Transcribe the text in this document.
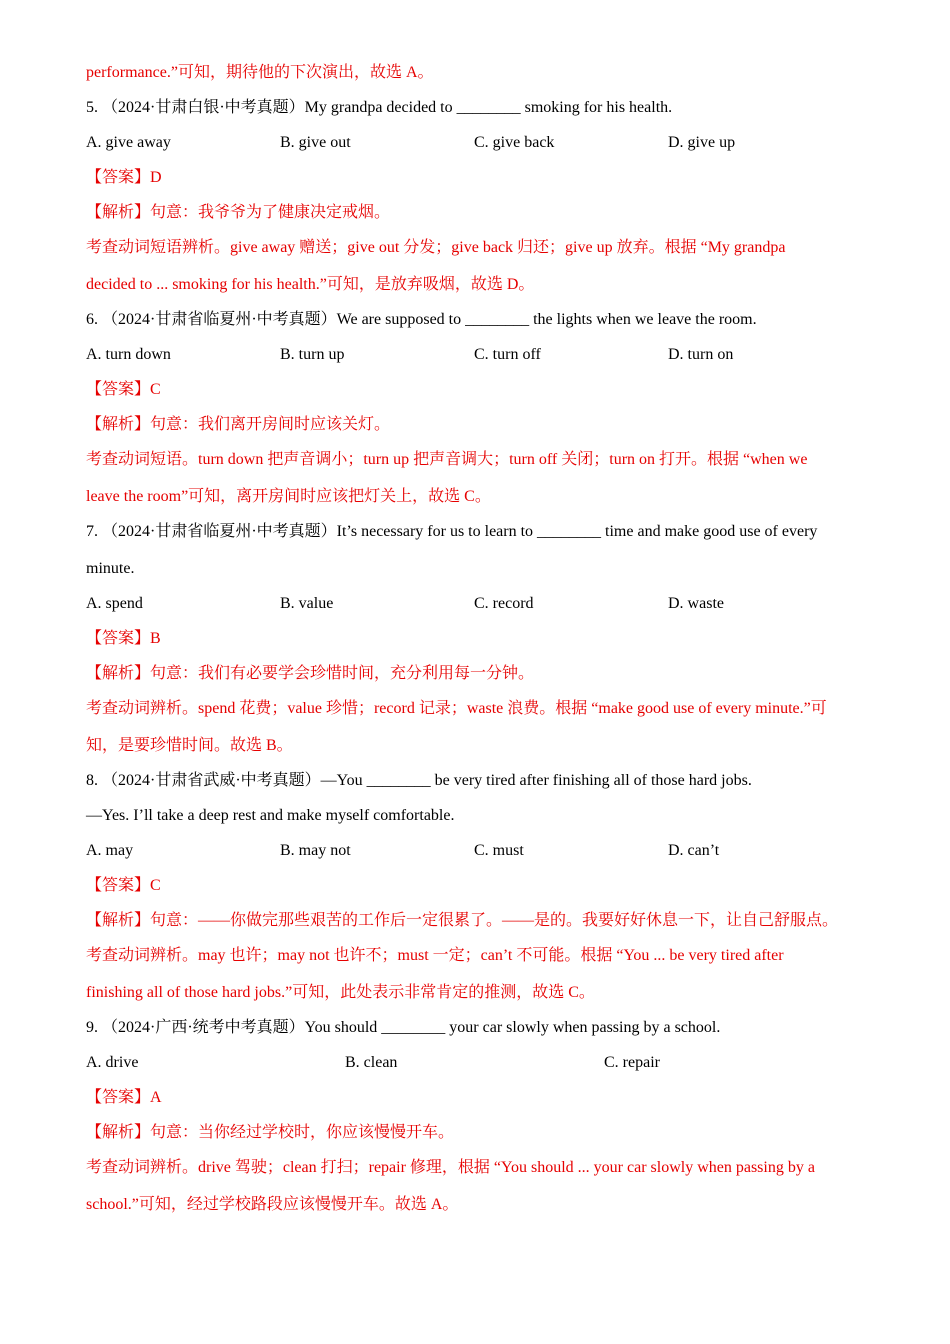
performance.”可知，期待他的下次演出，故选 A。
5. （2024·甘肃白银·中考真题）My grandpa decided to ________ smoking for his health.
A. give away	B. give out	C. give back	D. give up
【答案】D
【解析】句意：我爷爷为了健康决定戒烟。
考查动词短语辨析。give away 赠送；give out 分发；give back 归还；give up 放弃。根据 “My grandpa
decided to ... smoking for his health.”可知，是放弃吸烟，故选 D。
6. （2024·甘肃省临夏州·中考真题）We are supposed to ________ the lights when we leave the room.
A. turn down	B. turn up	C. turn off	D. turn on
【答案】C
【解析】句意：我们离开房间时应该关灯。
考查动词短语。turn down 把声音调小；turn up 把声音调大；turn off 关闭；turn on 打开。根据 “when we
leave the room”可知，离开房间时应该把灯关上，故选 C。
7. （2024·甘肃省临夏州·中考真题）It’s necessary for us to learn to ________ time and make good use of every
minute.
A. spend	B. value	C. record	D. waste
【答案】B
【解析】句意：我们有必要学会珍惜时间，充分利用每一分钟。
考查动词辨析。spend 花费；value 珍惜；record 记录；waste 浪费。根据 “make good use of every minute.”可
知，是要珍惜时间。故选 B。
8. （2024·甘肃省武威·中考真题）—You ________ be very tired after finishing all of those hard jobs.
—Yes. I’ll take a deep rest and make myself comfortable.
A. may	B. may not	C. must	D. can’t
【答案】C
【解析】句意：——你做完那些艰苦的工作后一定很累了。——是的。我要好好休息一下，让自己舒服点。
考查动词辨析。may 也许；may not 也许不；must 一定；can’t 不可能。根据 “You ... be very tired after
finishing all of those hard jobs.”可知，此处表示非常肯定的推测，故选 C。
9. （2024·广西·统考中考真题）You should ________ your car slowly when passing by a school.
A. drive	B. clean	C. repair
【答案】A
【解析】句意：当你经过学校时，你应该慢慢开车。
考查动词辨析。drive 驾驶；clean 打扫；repair 修理，根据 “You should ... your car slowly when passing by a
school.”可知，经过学校路段应该慢慢开车。故选 A。
